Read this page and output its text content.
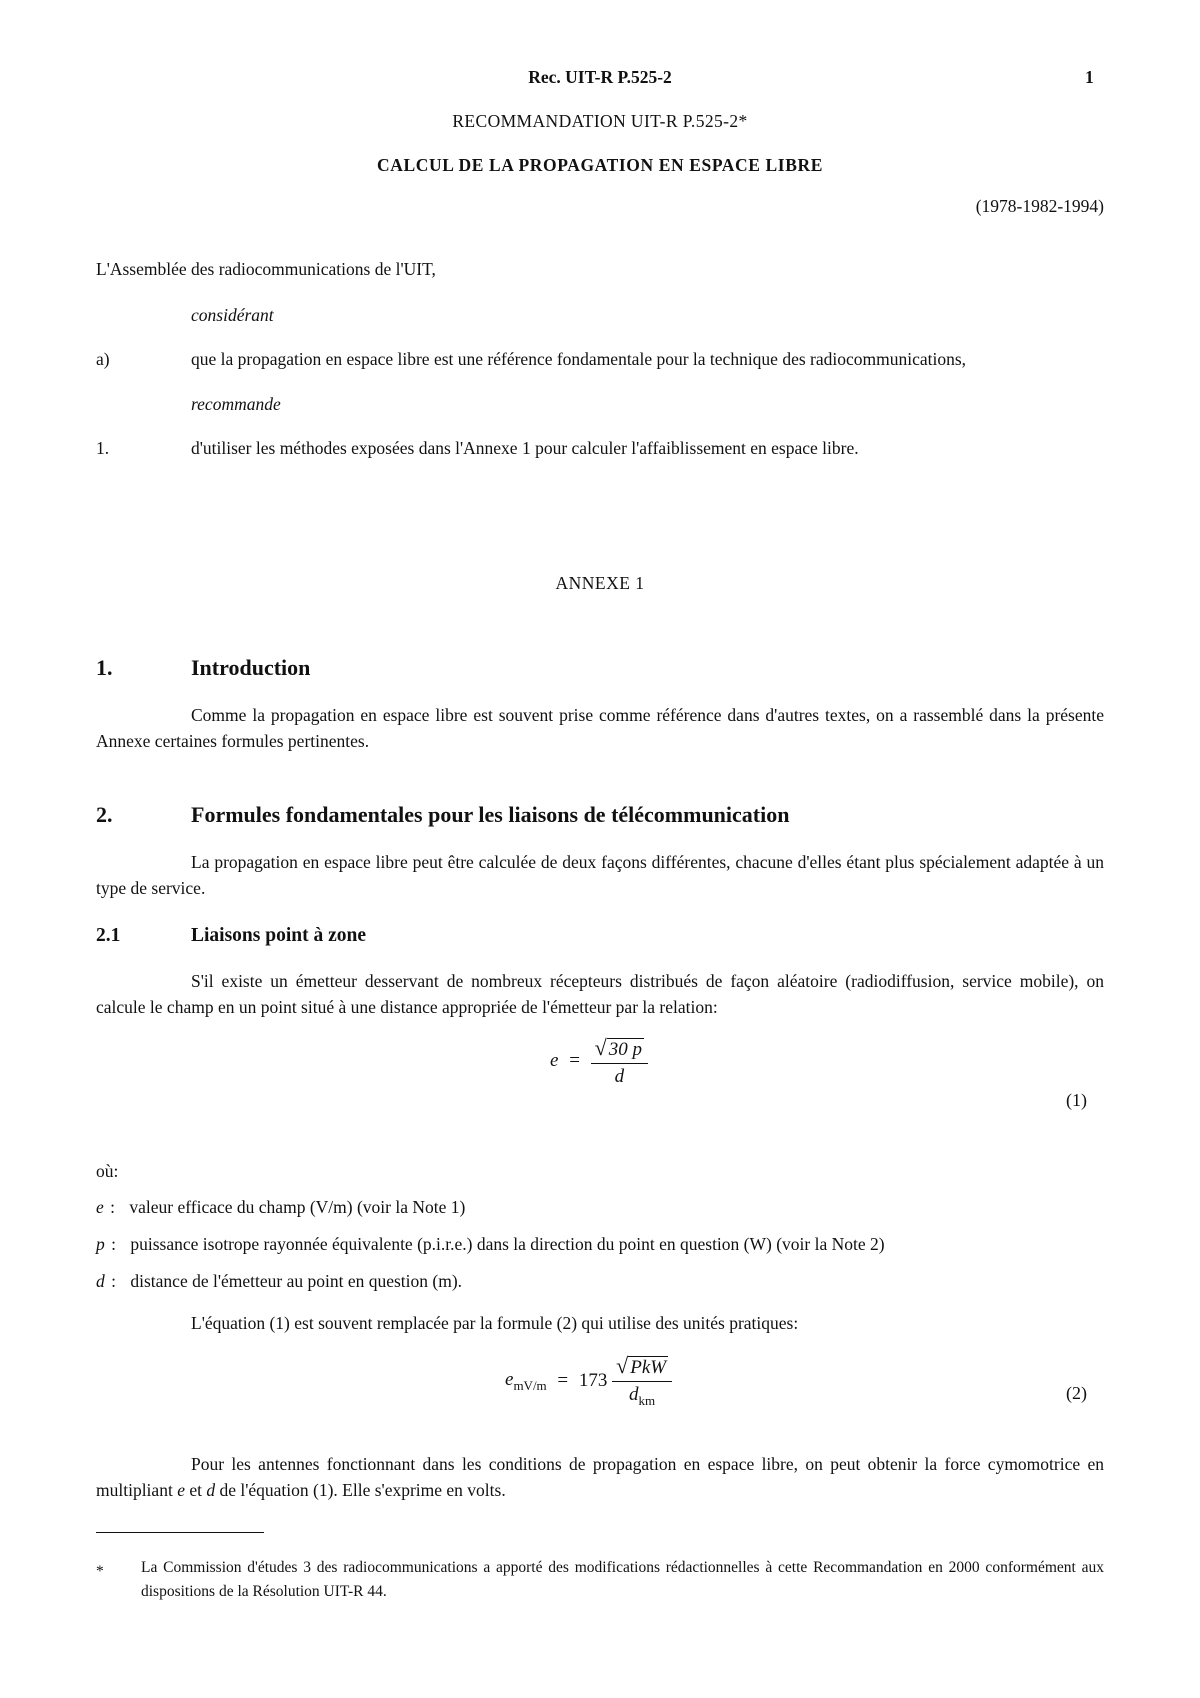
Rec. UIT-R P.525-2	1
RECOMMANDATION UIT-R P.525-2*
CALCUL DE LA PROPAGATION EN ESPACE LIBRE
(1978-1982-1994)
L'Assemblée des radiocommunications de l'UIT,
considérant
a)	que la propagation en espace libre est une référence fondamentale pour la technique des radiocommunications,
recommande
1.	d'utiliser les méthodes exposées dans l'Annexe 1 pour calculer l'affaiblissement en espace libre.
ANNEXE 1
1.	Introduction
Comme la propagation en espace libre est souvent prise comme référence dans d'autres textes, on a rassemblé dans la présente Annexe certaines formules pertinentes.
2.	Formules fondamentales pour les liaisons de télécommunication
La propagation en espace libre peut être calculée de deux façons différentes, chacune d'elles étant plus spécialement adaptée à un type de service.
2.1	Liaisons point à zone
S'il existe un émetteur desservant de nombreux récepteurs distribués de façon aléatoire (radiodiffusion, service mobile), on calcule le champ en un point situé à une distance appropriée de l'émetteur par la relation:
$e = \frac{√ 30 p}{d}$
(1)
où:
e : valeur efficace du champ (V/m) (voir la Note 1)
p : puissance isotrope rayonnée équivalente (p.i.r.e.) dans la direction du point en question (W) (voir la Note 2)
d : distance de l'émetteur au point en question (m).
L'équation (1) est souvent remplacée par la formule (2) qui utilise des unités pratiques:
$e_{mV/m} = 173 \frac{\text{√ PkW}}{d_{km}}$	(2)
Pour les antennes fonctionnant dans les conditions de propagation en espace libre, on peut obtenir la force cymomotrice en multipliant e et d de l'équation (1). Elle s'exprime en volts.
* La Commission d'études 3 des radiocommunications a apporté des modifications rédactionnelles à cette Recommandation en 2000 conformément aux dispositions de la Résolution UIT-R 44.
